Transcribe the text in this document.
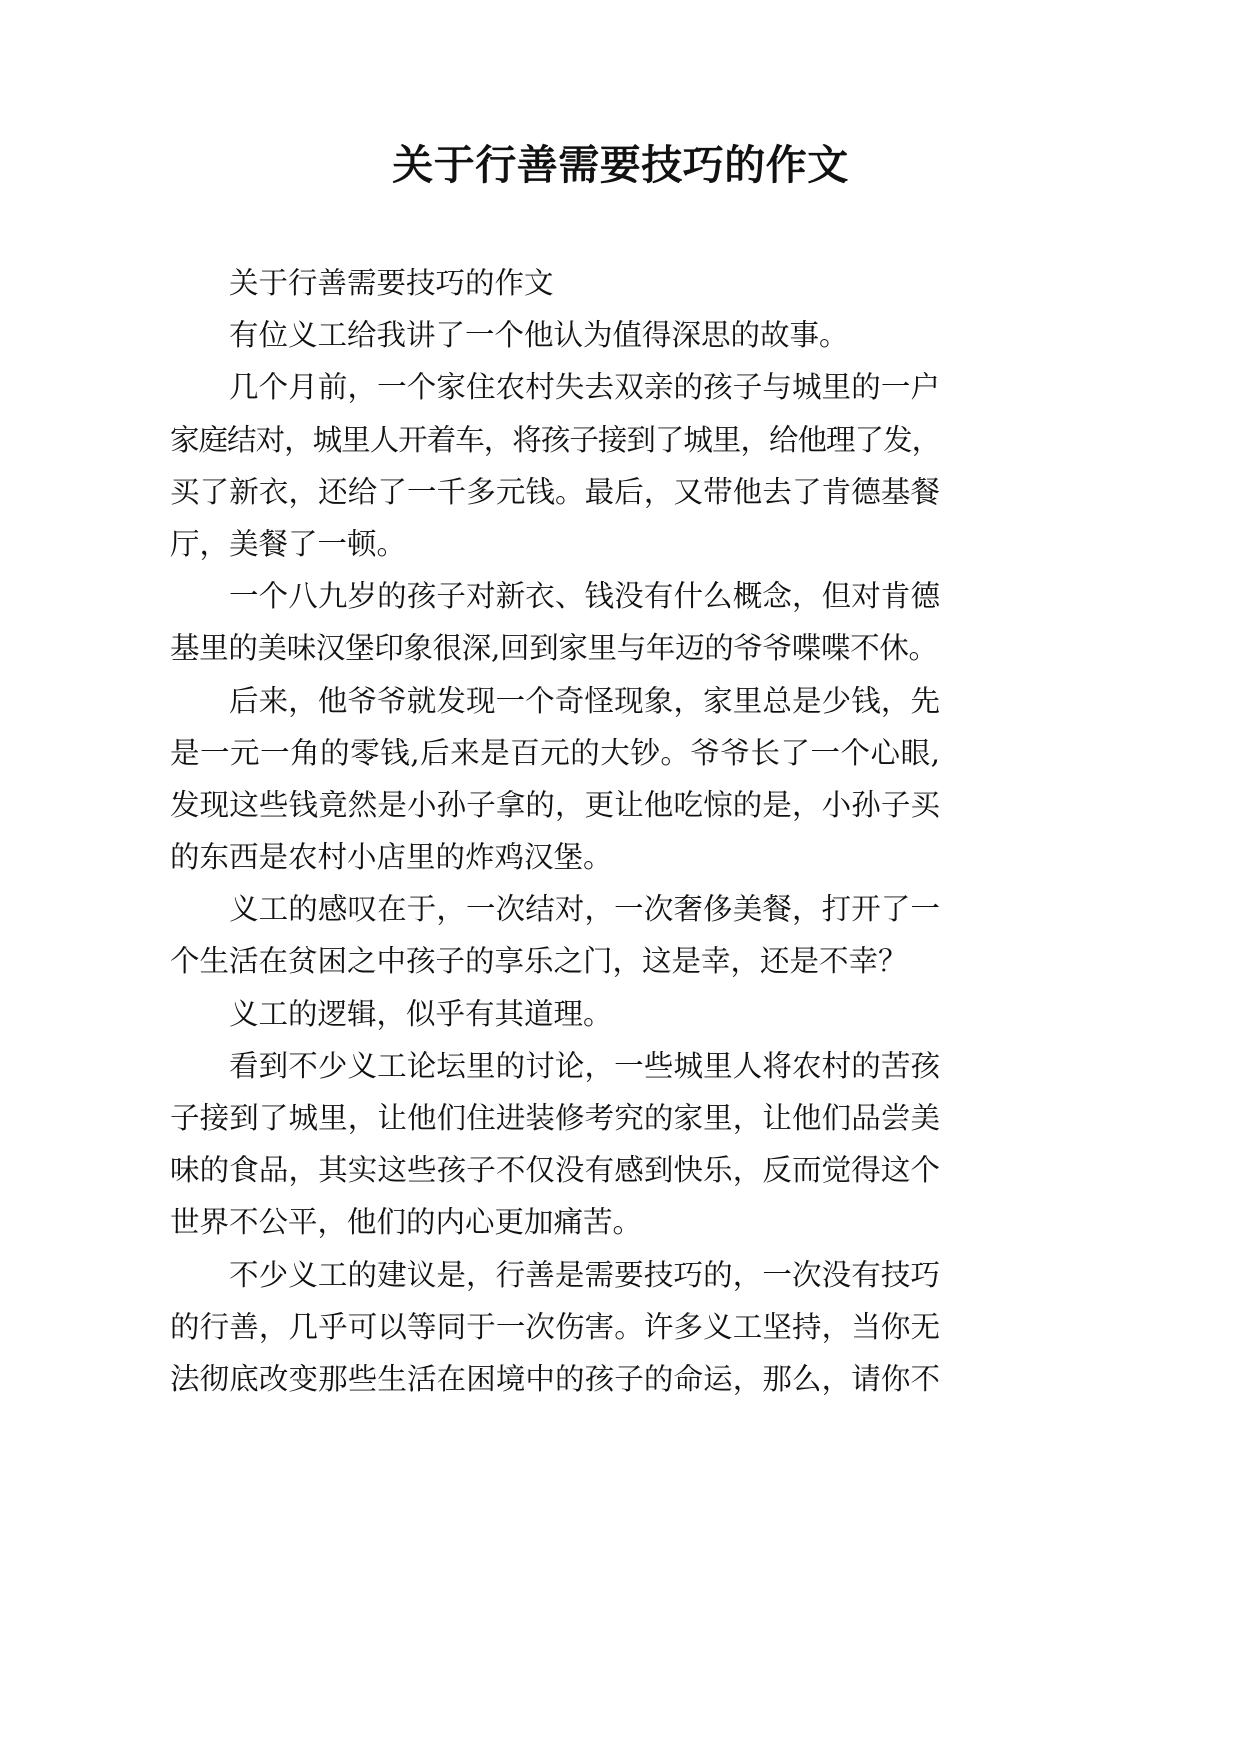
关于行善需要技巧的作文
关于行善需要技巧的作文
有位义工给我讲了一个他认为值得深思的故事。
几个月前，一个家住农村失去双亲的孩子与城里的一户
家庭结对，城里人开着车，将孩子接到了城里，给他理了发，
买了新衣，还给了一千多元钱。最后，又带他去了肯德基餐
厅，美餐了一顿。
一个八九岁的孩子对新衣、钱没有什么概念，但对肯德
基里的美味汉堡印象很深,回到家里与年迈的爷爷喋喋不休。
后来，他爷爷就发现一个奇怪现象，家里总是少钱，先
是一元一角的零钱,后来是百元的大钞。爷爷长了一个心眼,
发现这些钱竟然是小孙子拿的，更让他吃惊的是，小孙子买
的东西是农村小店里的炸鸡汉堡。
义工的感叹在于，一次结对，一次奢侈美餐，打开了一
个生活在贫困之中孩子的享乐之门，这是幸，还是不幸？
义工的逻辑，似乎有其道理。
看到不少义工论坛里的讨论，一些城里人将农村的苦孩
子接到了城里，让他们住进装修考究的家里，让他们品尝美
味的食品，其实这些孩子不仅没有感到快乐，反而觉得这个
世界不公平，他们的内心更加痛苦。
不少义工的建议是，行善是需要技巧的，一次没有技巧
的行善，几乎可以等同于一次伤害。许多义工坚持，当你无
法彻底改变那些生活在困境中的孩子的命运，那么，请你不
